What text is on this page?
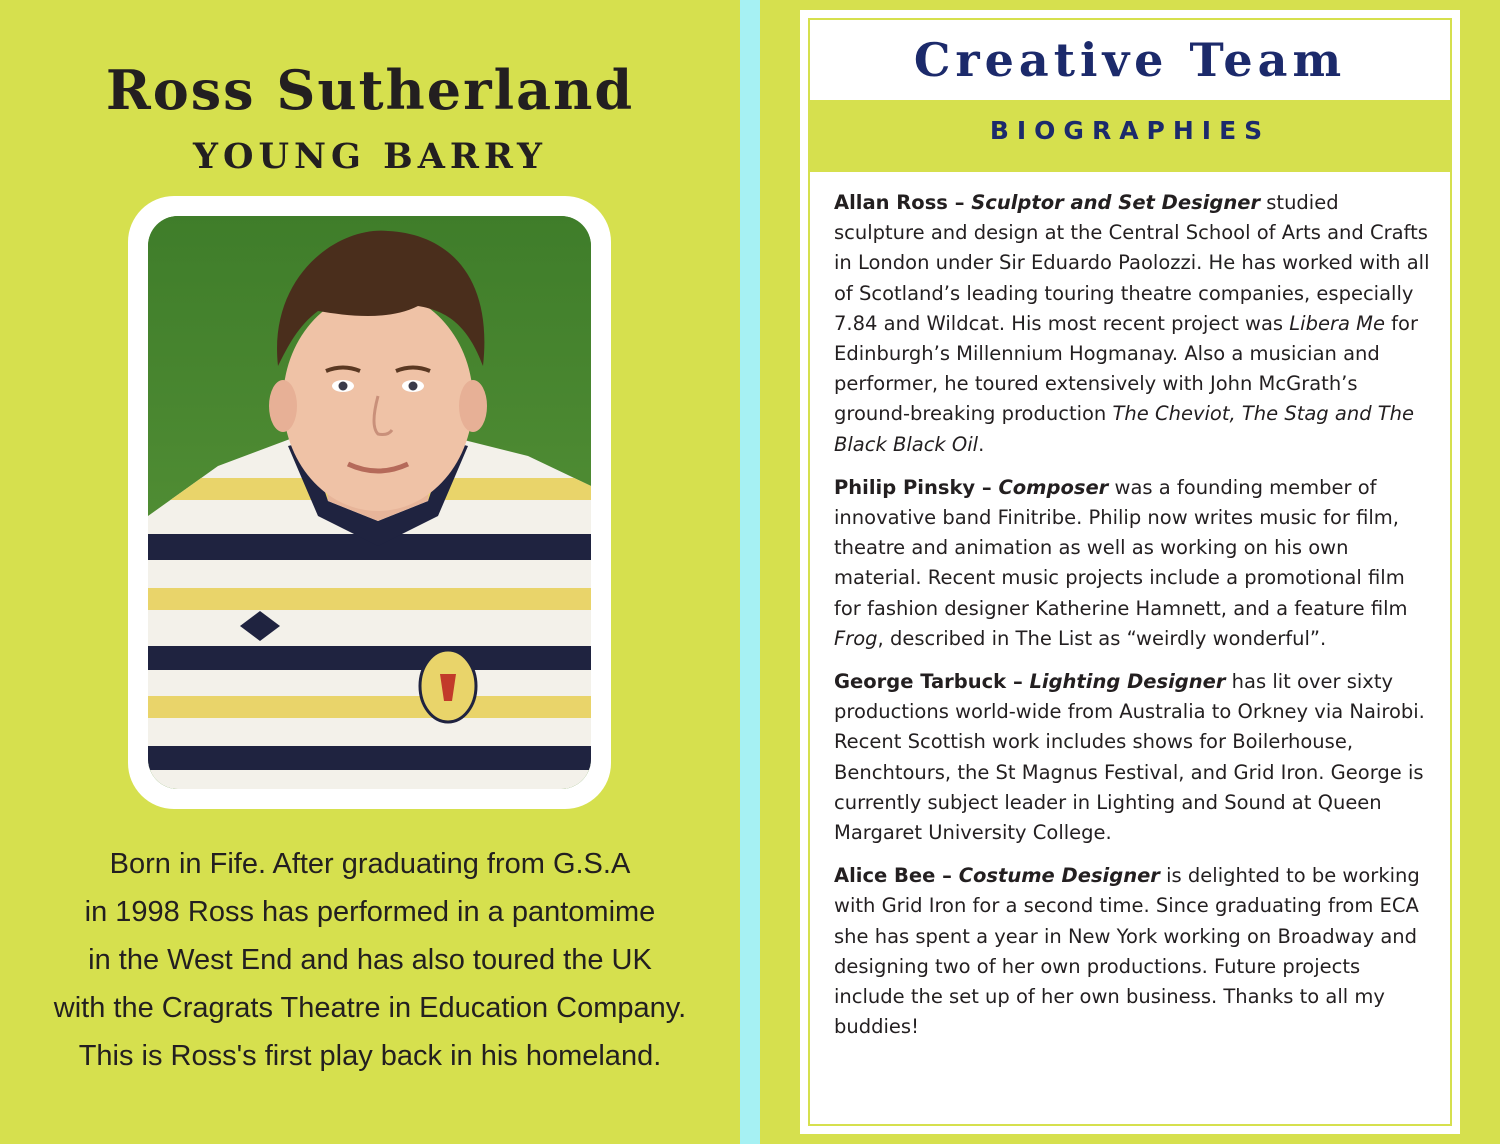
Ross Sutherland
YOUNG BARRY
Born in Fife. After graduating from G.S.A
in 1998 Ross has performed in a pantomime
in the West End and has also toured the UK
with the Cragrats Theatre in Education Company.
This is Ross's first play back in his homeland.
Creative Team
BIOGRAPHIES

Allan Ross – Sculptor and Set Designer studied sculpture and design at the Central School of Arts and Crafts in London under Sir Eduardo Paolozzi. He has worked with all of Scotland’s leading touring theatre companies, especially 7.84 and Wildcat. His most recent project was Libera Me for Edinburgh’s Millennium Hogmanay. Also a musician and performer, he toured extensively with John McGrath’s ground-breaking production The Cheviot, The Stag and The Black Black Oil.

Philip Pinsky – Composer was a founding member of innovative band Finitribe. Philip now writes music for film, theatre and animation as well as working on his own material. Recent music projects include a promotional film for fashion designer Katherine Hamnett, and a feature film Frog, described in The List as “weirdly wonderful”.

George Tarbuck – Lighting Designer has lit over sixty productions world-wide from Australia to Orkney via Nairobi. Recent Scottish work includes shows for Boilerhouse, Benchtours, the St Magnus Festival, and Grid Iron. George is currently subject leader in Lighting and Sound at Queen Margaret University College.

Alice Bee – Costume Designer is delighted to be working with Grid Iron for a second time. Since graduating from ECA she has spent a year in New York working on Broadway and designing two of her own productions. Future projects include the set up of her own business. Thanks to all my buddies!
